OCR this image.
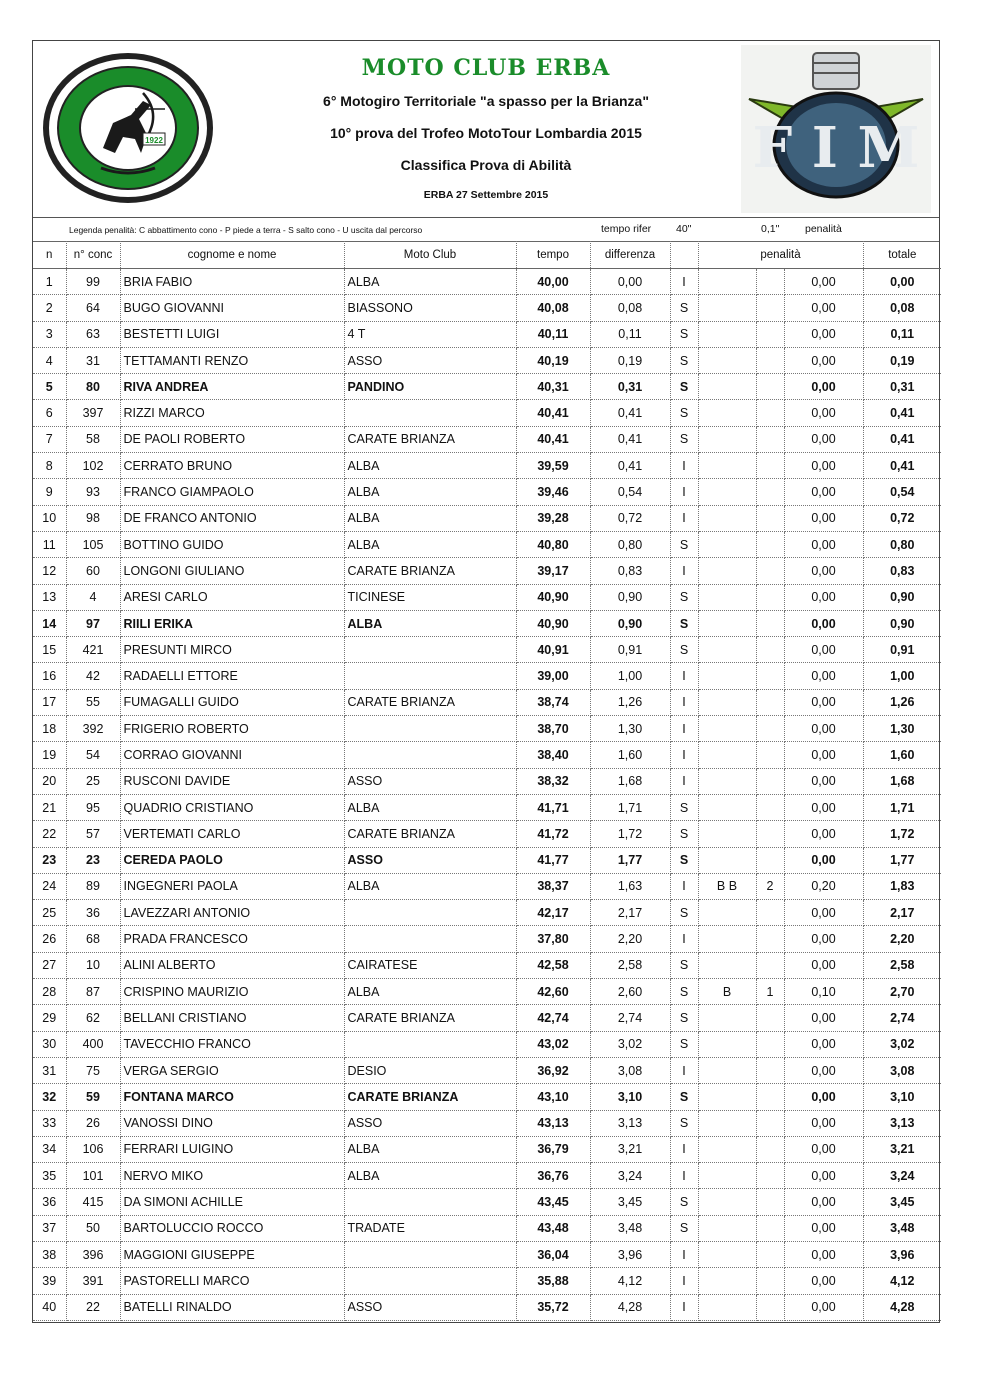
1922
MOTO CLUB ERBA
6° Motogiro Territoriale "a spasso per la Brianza"
10° prova del Trofeo MotoTour Lombardia 2015
Classifica Prova di Abilità
ERBA 27 Settembre 2015
F I M
Legenda penalità: C abbattimento cono - P piede a terra - S salto cono - U uscita dal percorso	tempo rifer 40"	0,1" penalità
n	n° conc	cognome e nome	Moto Club	tempo	differenza		penalità			totale
1	99	BRIA FABIO	ALBA	40,00	0,00	I			0,00	0,00
2	64	BUGO GIOVANNI	BIASSONO	40,08	0,08	S			0,00	0,08
3	63	BESTETTI LUIGI	4 T	40,11	0,11	S			0,00	0,11
4	31	TETTAMANTI RENZO	ASSO	40,19	0,19	S			0,00	0,19
5	80	RIVA ANDREA	PANDINO	40,31	0,31	S			0,00	0,31
6	397	RIZZI MARCO		40,41	0,41	S			0,00	0,41
7	58	DE PAOLI ROBERTO	CARATE BRIANZA	40,41	0,41	S			0,00	0,41
8	102	CERRATO BRUNO	ALBA	39,59	0,41	I			0,00	0,41
9	93	FRANCO GIAMPAOLO	ALBA	39,46	0,54	I			0,00	0,54
10	98	DE FRANCO ANTONIO	ALBA	39,28	0,72	I			0,00	0,72
11	105	BOTTINO GUIDO	ALBA	40,80	0,80	S			0,00	0,80
12	60	LONGONI GIULIANO	CARATE BRIANZA	39,17	0,83	I			0,00	0,83
13	4	ARESI CARLO	TICINESE	40,90	0,90	S			0,00	0,90
14	97	RIILI ERIKA	ALBA	40,90	0,90	S			0,00	0,90
15	421	PRESUNTI MIRCO		40,91	0,91	S			0,00	0,91
16	42	RADAELLI ETTORE		39,00	1,00	I			0,00	1,00
17	55	FUMAGALLI GUIDO	CARATE BRIANZA	38,74	1,26	I			0,00	1,26
18	392	FRIGERIO ROBERTO		38,70	1,30	I			0,00	1,30
19	54	CORRAO GIOVANNI		38,40	1,60	I			0,00	1,60
20	25	RUSCONI DAVIDE	ASSO	38,32	1,68	I			0,00	1,68
21	95	QUADRIO CRISTIANO	ALBA	41,71	1,71	S			0,00	1,71
22	57	VERTEMATI CARLO	CARATE BRIANZA	41,72	1,72	S			0,00	1,72
23	23	CEREDA PAOLO	ASSO	41,77	1,77	S			0,00	1,77
24	89	INGEGNERI PAOLA	ALBA	38,37	1,63	I	B B	2	0,20	1,83
25	36	LAVEZZARI ANTONIO		42,17	2,17	S			0,00	2,17
26	68	PRADA FRANCESCO		37,80	2,20	I			0,00	2,20
27	10	ALINI ALBERTO	CAIRATESE	42,58	2,58	S			0,00	2,58
28	87	CRISPINO MAURIZIO	ALBA	42,60	2,60	S	B	1	0,10	2,70
29	62	BELLANI CRISTIANO	CARATE BRIANZA	42,74	2,74	S			0,00	2,74
30	400	TAVECCHIO FRANCO		43,02	3,02	S			0,00	3,02
31	75	VERGA SERGIO	DESIO	36,92	3,08	I			0,00	3,08
32	59	FONTANA MARCO	CARATE BRIANZA	43,10	3,10	S			0,00	3,10
33	26	VANOSSI DINO	ASSO	43,13	3,13	S			0,00	3,13
34	106	FERRARI LUIGINO	ALBA	36,79	3,21	I			0,00	3,21
35	101	NERVO MIKO	ALBA	36,76	3,24	I			0,00	3,24
36	415	DA SIMONI ACHILLE		43,45	3,45	S			0,00	3,45
37	50	BARTOLUCCIO ROCCO	TRADATE	43,48	3,48	S			0,00	3,48
38	396	MAGGIONI GIUSEPPE		36,04	3,96	I			0,00	3,96
39	391	PASTORELLI MARCO		35,88	4,12	I			0,00	4,12
40	22	BATELLI RINALDO	ASSO	35,72	4,28	I			0,00	4,28
